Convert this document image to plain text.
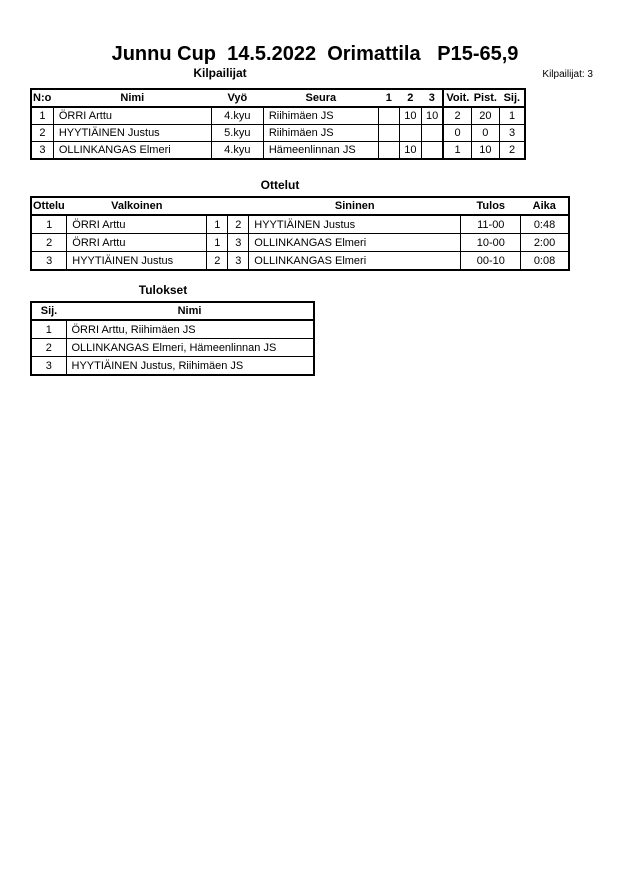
Junnu Cup  14.5.2022  Orimattila   P15-65,9
Kilpailijat	Kilpailijat: 3
N:o	Nimi	Vyö	Seura	1	2	3	Voit.	Pist.	Sij.
1	ÖRRI Arttu	4.kyu	Riihimäen JS		10	10	2	20	1
2	HYYTIÄINEN Justus	5.kyu	Riihimäen JS				0	0	3
3	OLLINKANGAS Elmeri	4.kyu	Hämeenlinnan JS		10		1	10	2
Ottelut
Ottelu	Valkoinen			Sininen	Tulos	Aika
1	ÖRRI Arttu	1	2	HYYTIÄINEN Justus	11-00	0:48
2	ÖRRI Arttu	1	3	OLLINKANGAS Elmeri	10-00	2:00
3	HYYTIÄINEN Justus	2	3	OLLINKANGAS Elmeri	00-10	0:08
Tulokset
Sij.	Nimi
1	ÖRRI Arttu, Riihimäen JS
2	OLLINKANGAS Elmeri, Hämeenlinnan JS
3	HYYTIÄINEN Justus, Riihimäen JS
